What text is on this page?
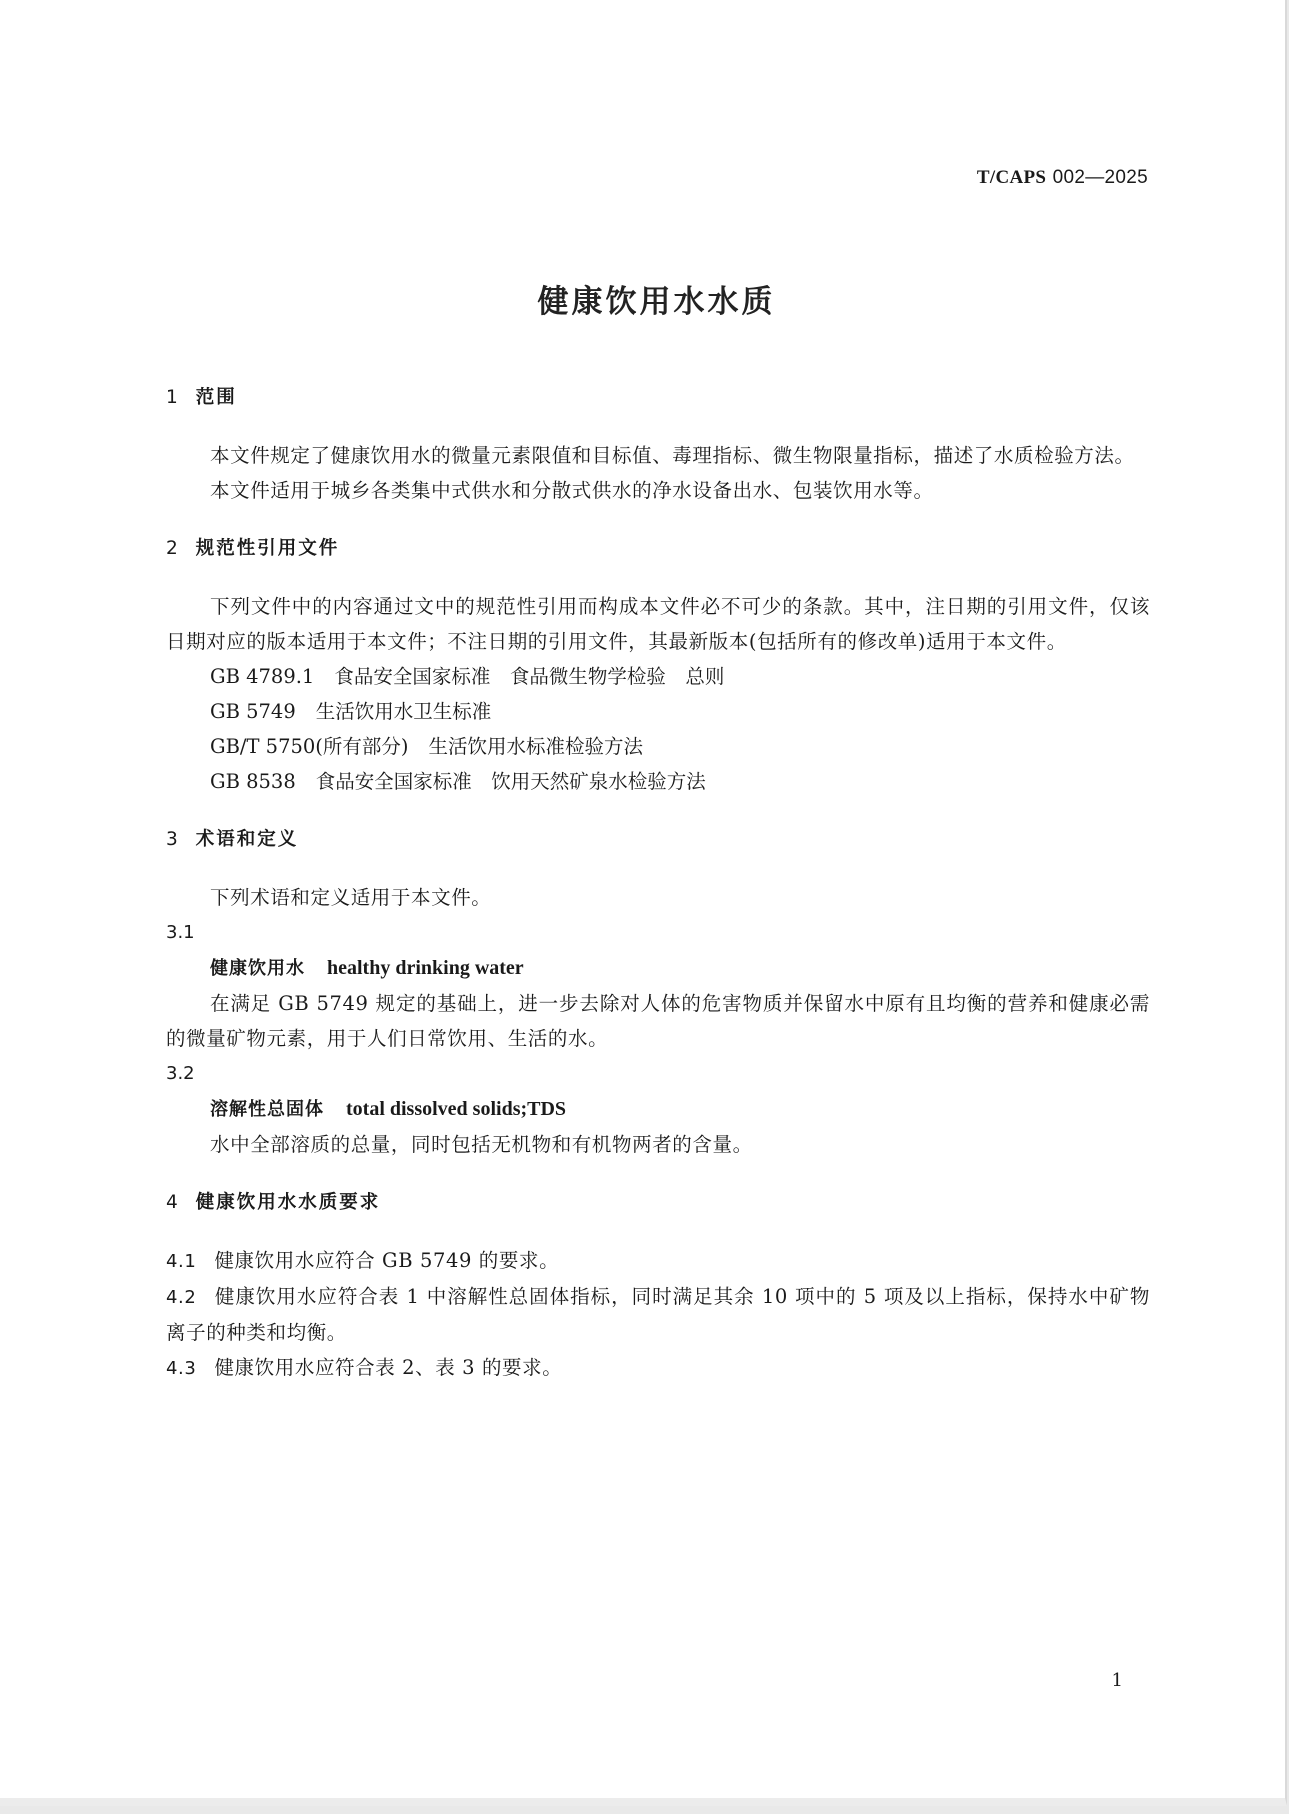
T/CAPS 002—2025
健康饮用水水质

1 范围

本文件规定了健康饮用水的微量元素限值和目标值、毒理指标、微生物限量指标，描述了水质检验方法。

本文件适用于城乡各类集中式供水和分散式供水的净水设备出水、包装饮用水等。

2 规范性引用文件

下列文件中的内容通过文中的规范性引用而构成本文件必不可少的条款。其中，注日期的引用文件，仅该日期对应的版本适用于本文件；不注日期的引用文件，其最新版本(包括所有的修改单)适用于本文件。

GB 4789.1 食品安全国家标准　食品微生物学检验　总则

GB 5749 生活饮用水卫生标准

GB/T 5750(所有部分) 生活饮用水标准检验方法

GB 8538 食品安全国家标准　饮用天然矿泉水检验方法

3 术语和定义

下列术语和定义适用于本文件。

3.1

健康饮用水 healthy drinking water

在满足 GB 5749 规定的基础上，进一步去除对人体的危害物质并保留水中原有且均衡的营养和健康必需的微量矿物元素，用于人们日常饮用、生活的水。

3.2

溶解性总固体 total dissolved solids;TDS

水中全部溶质的总量，同时包括无机物和有机物两者的含量。

4 健康饮用水水质要求

4.1 健康饮用水应符合 GB 5749 的要求。

4.2 健康饮用水应符合表 1 中溶解性总固体指标，同时满足其余 10 项中的 5 项及以上指标，保持水中矿物离子的种类和均衡。

4.3 健康饮用水应符合表 2、表 3 的要求。

1
